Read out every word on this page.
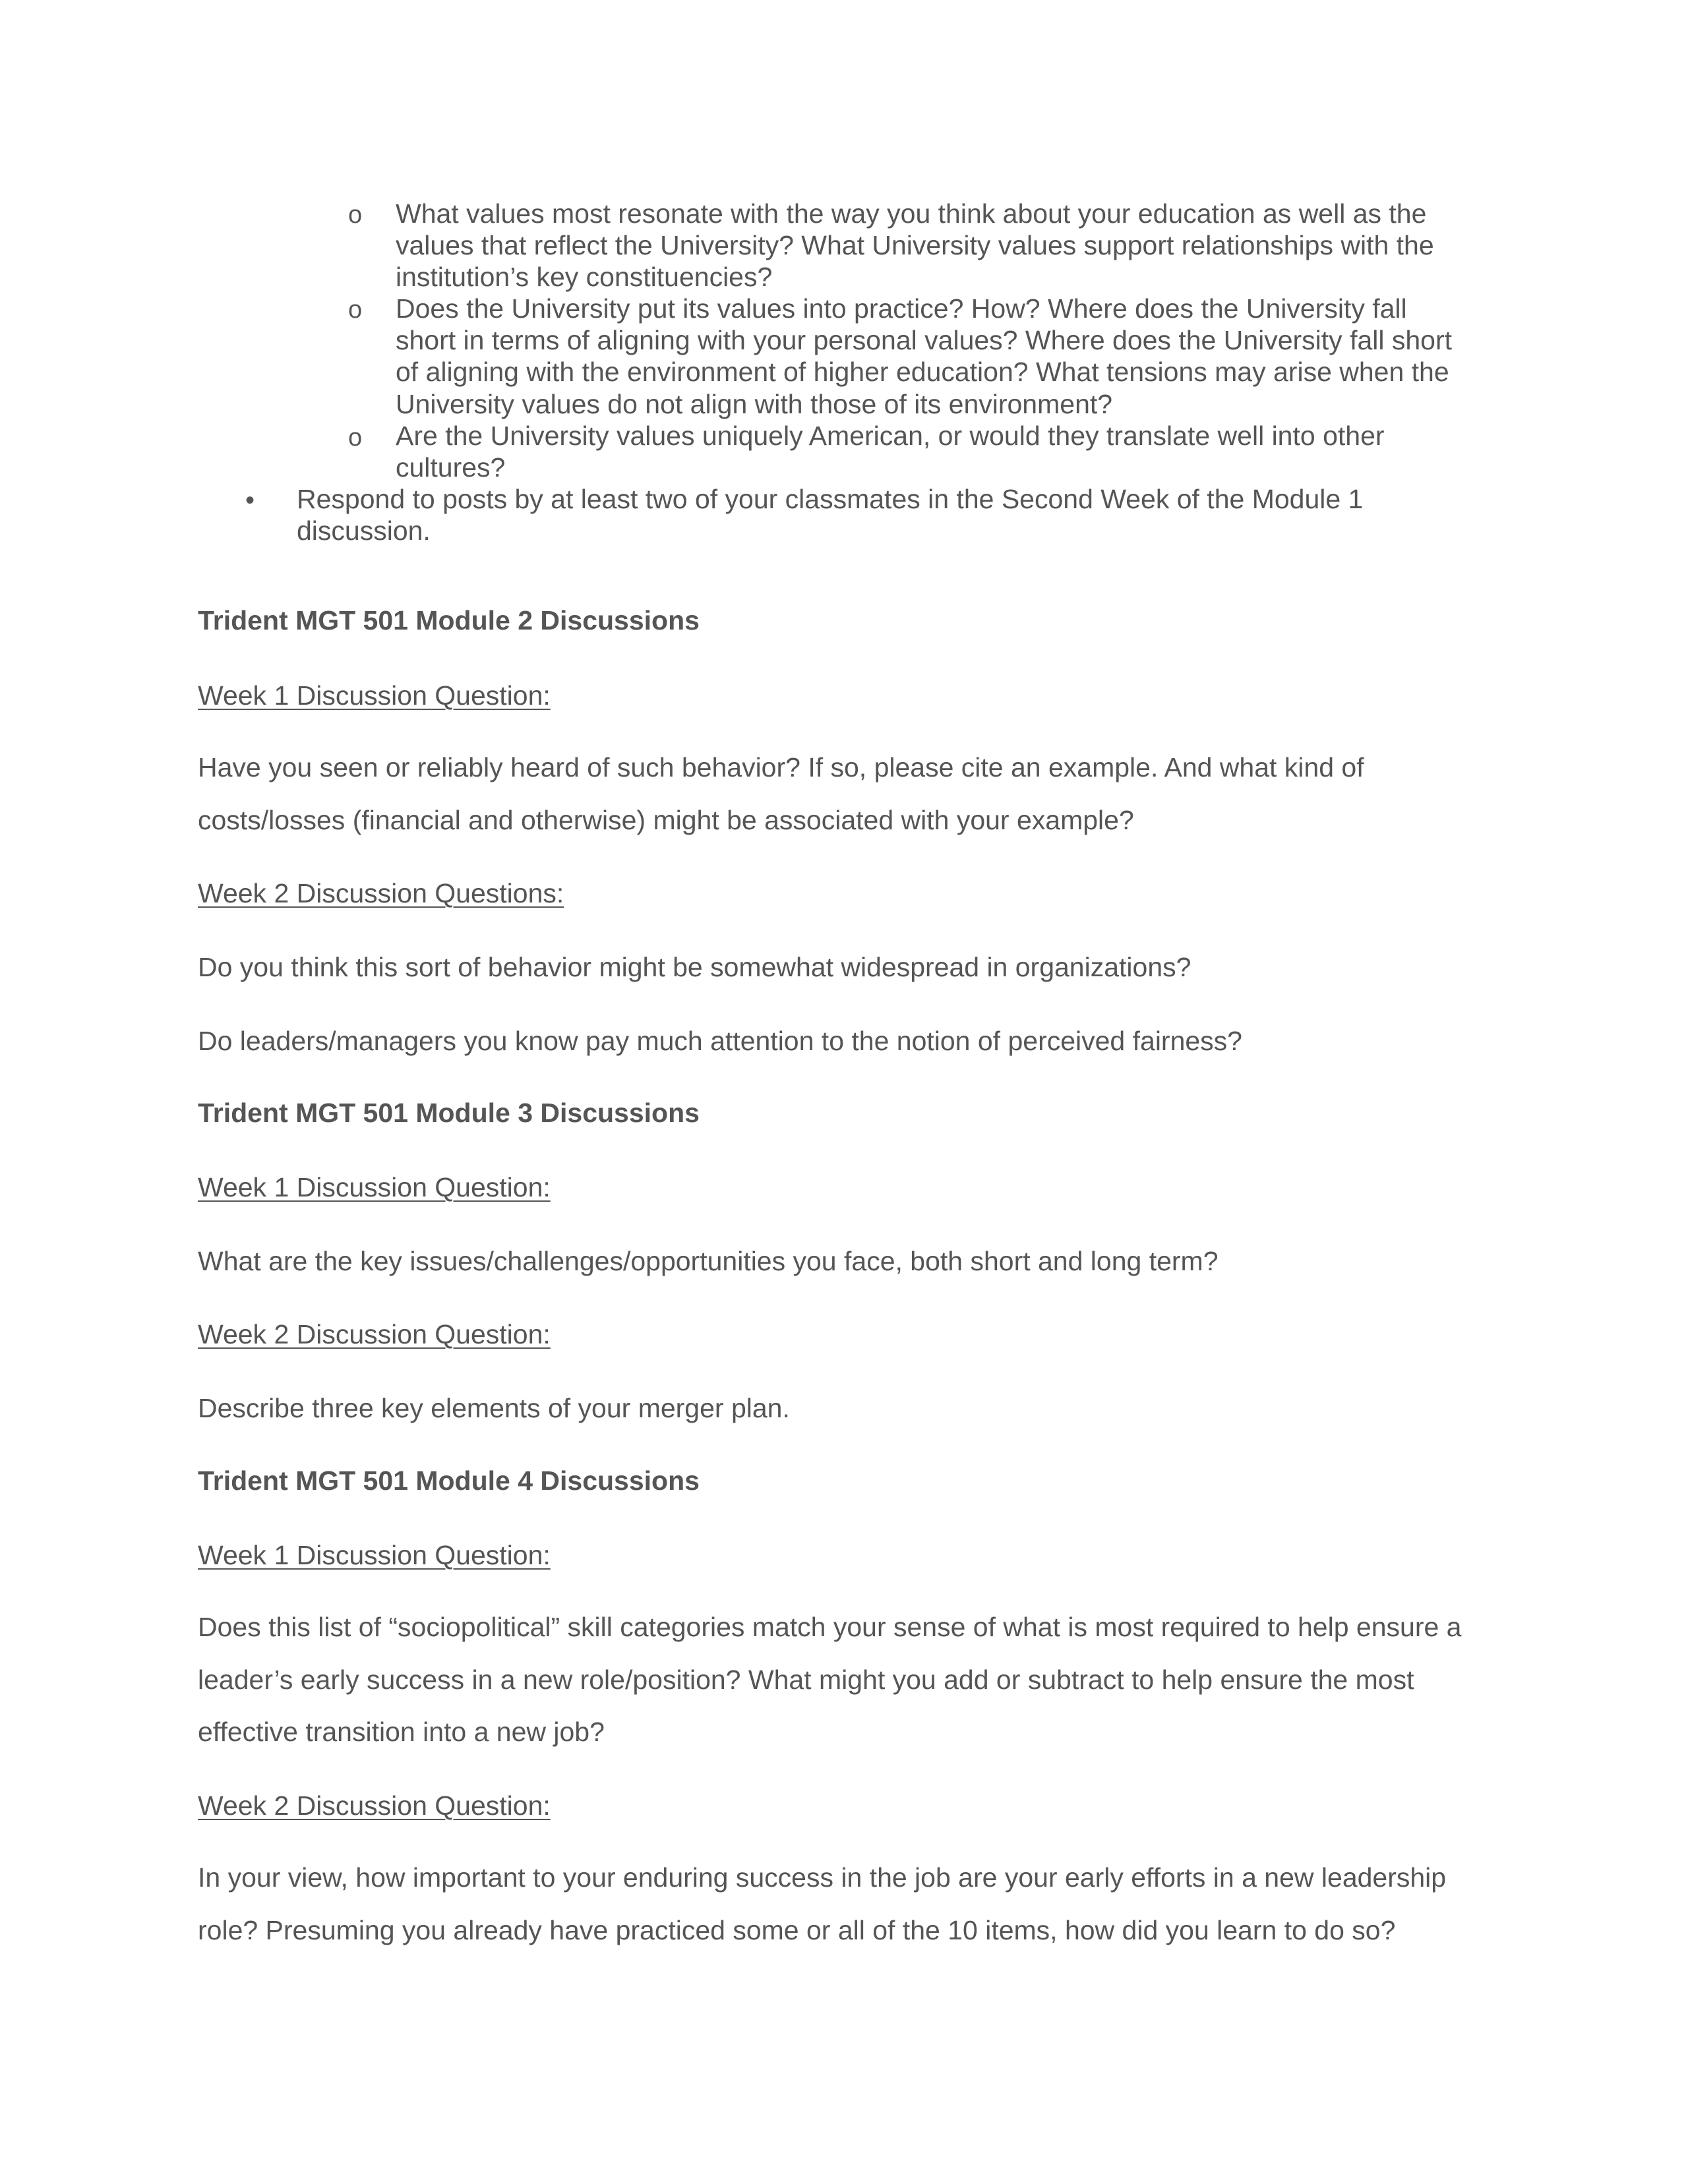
o What values most resonate with the way you think about your education as well as the
values that reflect the University? What University values support relationships with the
institution’s key constituencies?
o Does the University put its values into practice? How? Where does the University fall
short in terms of aligning with your personal values? Where does the University fall short
of aligning with the environment of higher education? What tensions may arise when the
University values do not align with those of its environment?
o Are the University values uniquely American, or would they translate well into other
cultures?
• Respond to posts by at least two of your classmates in the Second Week of the Module 1
discussion.
Trident MGT 501 Module 2 Discussions
Week 1 Discussion Question:
Have you seen or reliably heard of such behavior? If so, please cite an example. And what kind of
costs/losses (financial and otherwise) might be associated with your example?
Week 2 Discussion Questions:
Do you think this sort of behavior might be somewhat widespread in organizations?
Do leaders/managers you know pay much attention to the notion of perceived fairness?
Trident MGT 501 Module 3 Discussions
Week 1 Discussion Question:
What are the key issues/challenges/opportunities you face, both short and long term?
Week 2 Discussion Question:
Describe three key elements of your merger plan.
Trident MGT 501 Module 4 Discussions
Week 1 Discussion Question:
Does this list of “sociopolitical” skill categories match your sense of what is most required to help ensure a
leader’s early success in a new role/position? What might you add or subtract to help ensure the most
effective transition into a new job?
Week 2 Discussion Question:
In your view, how important to your enduring success in the job are your early efforts in a new leadership
role? Presuming you already have practiced some or all of the 10 items, how did you learn to do so?
